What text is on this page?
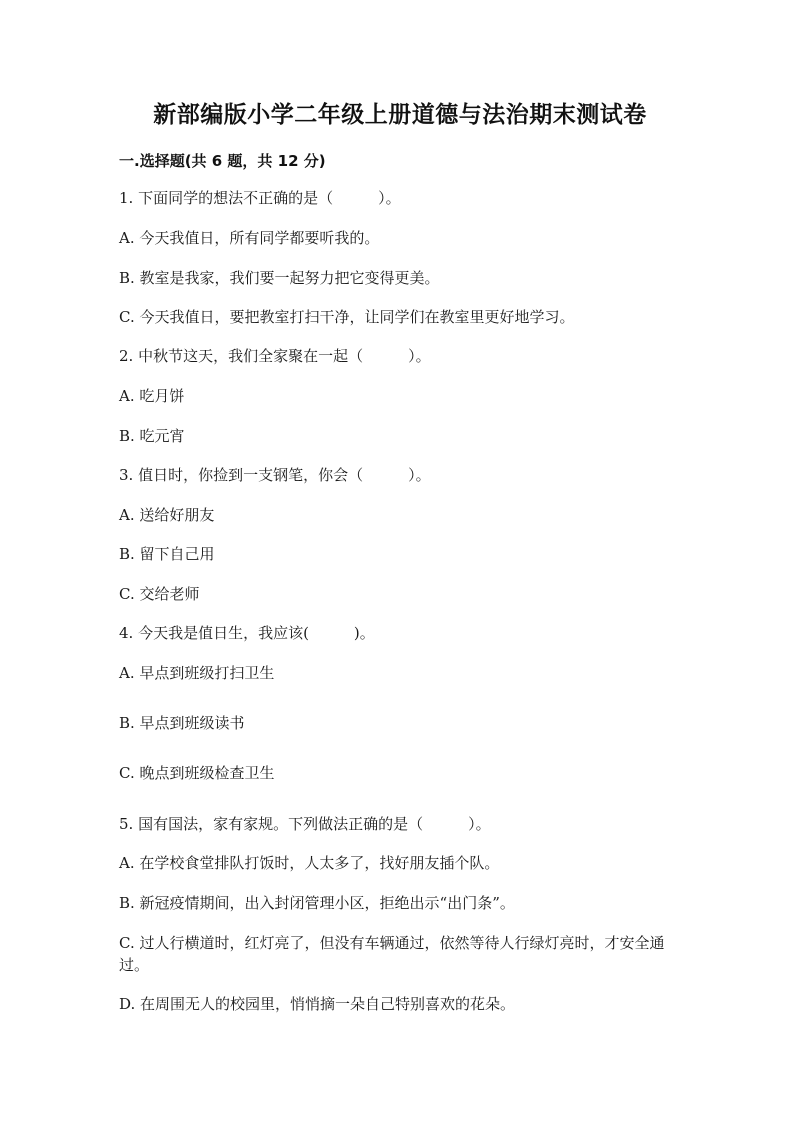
新部编版小学二年级上册道德与法治期末测试卷
一.选择题(共 6 题，共 12 分)
1. 下面同学的想法不正确的是（　　　）。
A. 今天我值日，所有同学都要听我的。
B. 教室是我家，我们要一起努力把它变得更美。
C. 今天我值日，要把教室打扫干净，让同学们在教室里更好地学习。
2. 中秋节这天，我们全家聚在一起（　　　）。
A. 吃月饼
B. 吃元宵
3. 值日时，你捡到一支钢笔，你会（　　　）。
A. 送给好朋友
B. 留下自己用
C. 交给老师
4. 今天我是值日生，我应该(　　　)。
A. 早点到班级打扫卫生
B. 早点到班级读书
C. 晚点到班级检查卫生
5. 国有国法，家有家规。下列做法正确的是（　　　）。
A. 在学校食堂排队打饭时，人太多了，找好朋友插个队。
B. 新冠疫情期间，出入封闭管理小区，拒绝出示“出门条”。
C. 过人行横道时，红灯亮了，但没有车辆通过，依然等待人行绿灯亮时，才安全通过。
D. 在周围无人的校园里，悄悄摘一朵自己特别喜欢的花朵。
